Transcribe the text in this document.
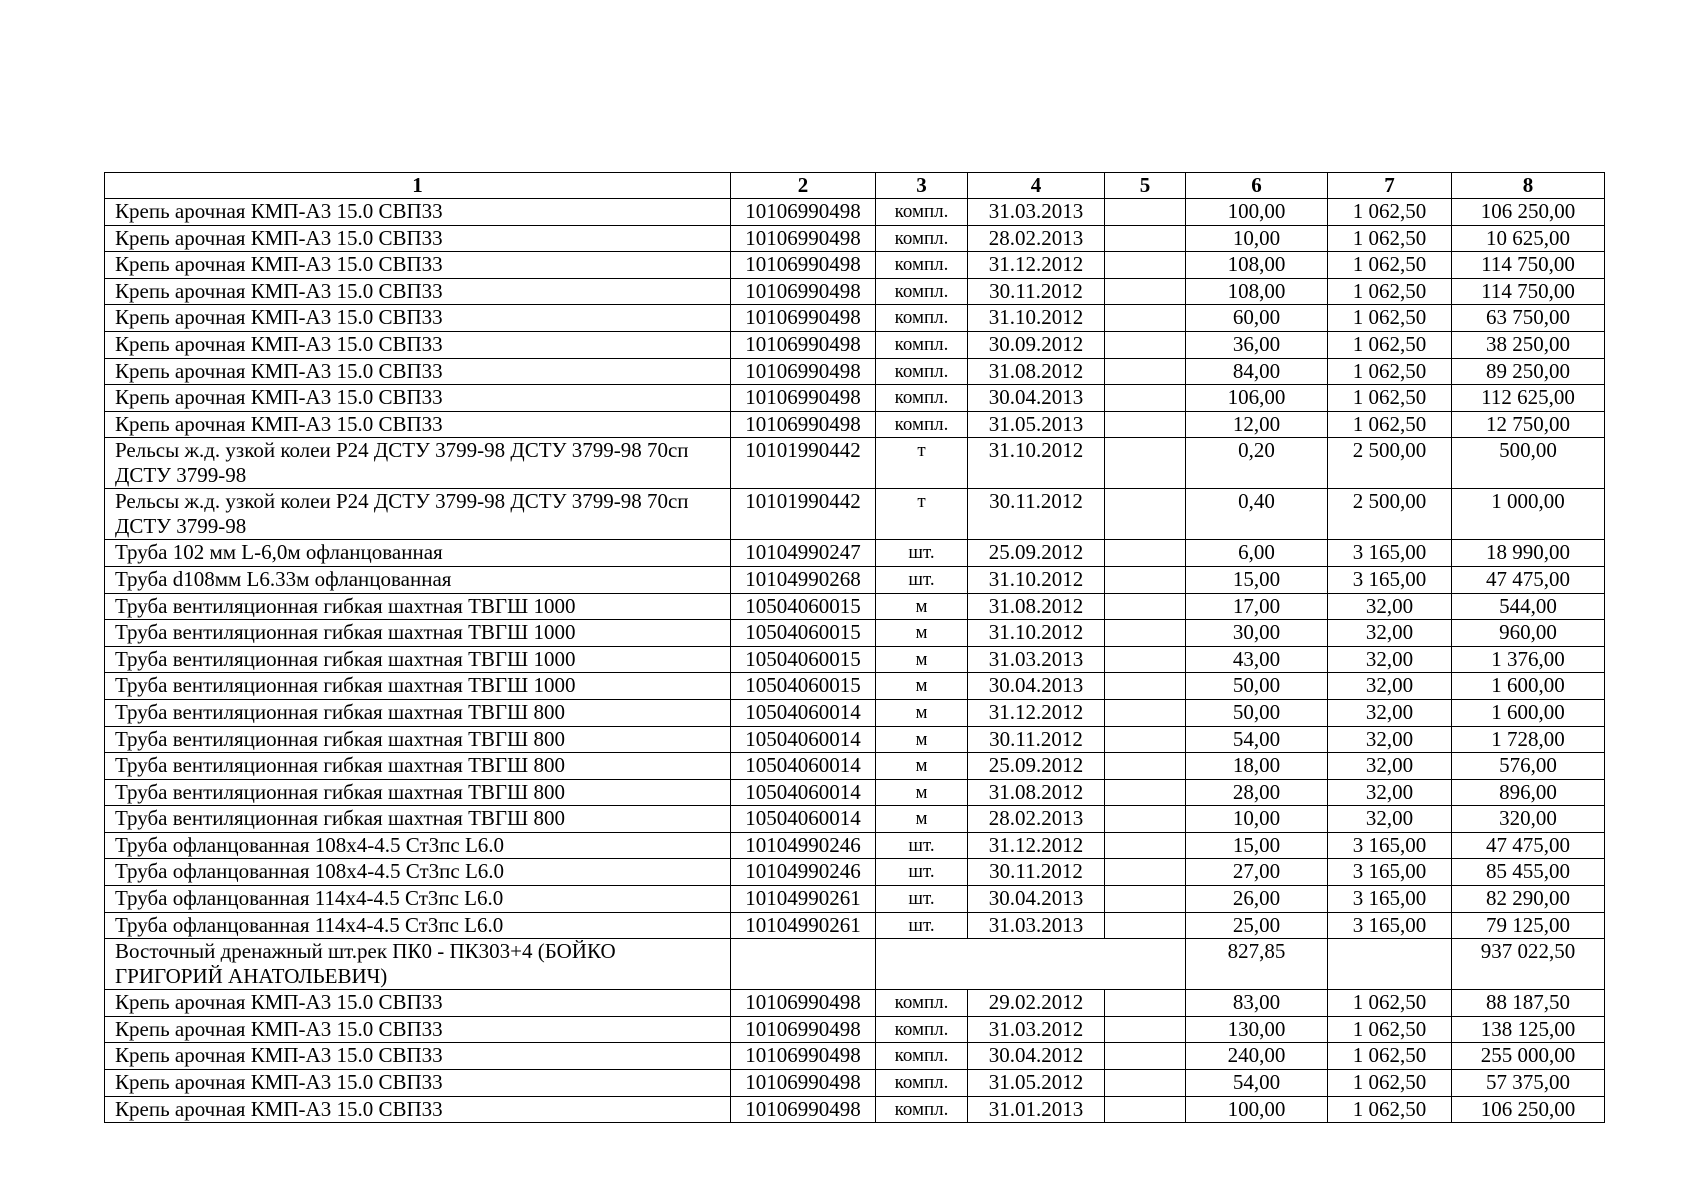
1	2	3	4	5	6	7	8
Крепь арочная КМП-А3 15.0 СВП33	10106990498	компл.	31.03.2013		100,00	1 062,50	106 250,00
Крепь арочная КМП-А3 15.0 СВП33	10106990498	компл.	28.02.2013		10,00	1 062,50	10 625,00
Крепь арочная КМП-А3 15.0 СВП33	10106990498	компл.	31.12.2012		108,00	1 062,50	114 750,00
Крепь арочная КМП-А3 15.0 СВП33	10106990498	компл.	30.11.2012		108,00	1 062,50	114 750,00
Крепь арочная КМП-А3 15.0 СВП33	10106990498	компл.	31.10.2012		60,00	1 062,50	63 750,00
Крепь арочная КМП-А3 15.0 СВП33	10106990498	компл.	30.09.2012		36,00	1 062,50	38 250,00
Крепь арочная КМП-А3 15.0 СВП33	10106990498	компл.	31.08.2012		84,00	1 062,50	89 250,00
Крепь арочная КМП-А3 15.0 СВП33	10106990498	компл.	30.04.2013		106,00	1 062,50	112 625,00
Крепь арочная КМП-А3 15.0 СВП33	10106990498	компл.	31.05.2013		12,00	1 062,50	12 750,00
Рельсы ж.д. узкой колеи Р24 ДСТУ 3799-98 ДСТУ 3799-98 70сп ДСТУ 3799-98	10101990442	т	31.10.2012		0,20	2 500,00	500,00
Рельсы ж.д. узкой колеи Р24 ДСТУ 3799-98 ДСТУ 3799-98 70сп ДСТУ 3799-98	10101990442	т	30.11.2012		0,40	2 500,00	1 000,00
Труба 102 мм L-6,0м офланцованная	10104990247	шт.	25.09.2012		6,00	3 165,00	18 990,00
Труба d108мм L6.33м офланцованная	10104990268	шт.	31.10.2012		15,00	3 165,00	47 475,00
Труба вентиляционная гибкая шахтная ТВГШ 1000	10504060015	м	31.08.2012		17,00	32,00	544,00
Труба вентиляционная гибкая шахтная ТВГШ 1000	10504060015	м	31.10.2012		30,00	32,00	960,00
Труба вентиляционная гибкая шахтная ТВГШ 1000	10504060015	м	31.03.2013		43,00	32,00	1 376,00
Труба вентиляционная гибкая шахтная ТВГШ 1000	10504060015	м	30.04.2013		50,00	32,00	1 600,00
Труба вентиляционная гибкая шахтная ТВГШ 800	10504060014	м	31.12.2012		50,00	32,00	1 600,00
Труба вентиляционная гибкая шахтная ТВГШ 800	10504060014	м	30.11.2012		54,00	32,00	1 728,00
Труба вентиляционная гибкая шахтная ТВГШ 800	10504060014	м	25.09.2012		18,00	32,00	576,00
Труба вентиляционная гибкая шахтная ТВГШ 800	10504060014	м	31.08.2012		28,00	32,00	896,00
Труба вентиляционная гибкая шахтная ТВГШ 800	10504060014	м	28.02.2013		10,00	32,00	320,00
Труба офланцованная 108х4-4.5 Ст3пс L6.0	10104990246	шт.	31.12.2012		15,00	3 165,00	47 475,00
Труба офланцованная 108х4-4.5 Ст3пс L6.0	10104990246	шт.	30.11.2012		27,00	3 165,00	85 455,00
Труба офланцованная 114х4-4.5 Ст3пс L6.0	10104990261	шт.	30.04.2013		26,00	3 165,00	82 290,00
Труба офланцованная 114х4-4.5 Ст3пс L6.0	10104990261	шт.	31.03.2013		25,00	3 165,00	79 125,00
Восточный дренажный шт.рек ПК0 - ПК303+4 (БОЙКО ГРИГОРИЙ АНАТОЛЬЕВИЧ)					827,85		937 022,50
Крепь арочная КМП-А3 15.0 СВП33	10106990498	компл.	29.02.2012		83,00	1 062,50	88 187,50
Крепь арочная КМП-А3 15.0 СВП33	10106990498	компл.	31.03.2012		130,00	1 062,50	138 125,00
Крепь арочная КМП-А3 15.0 СВП33	10106990498	компл.	30.04.2012		240,00	1 062,50	255 000,00
Крепь арочная КМП-А3 15.0 СВП33	10106990498	компл.	31.05.2012		54,00	1 062,50	57 375,00
Крепь арочная КМП-А3 15.0 СВП33	10106990498	компл.	31.01.2013		100,00	1 062,50	106 250,00
